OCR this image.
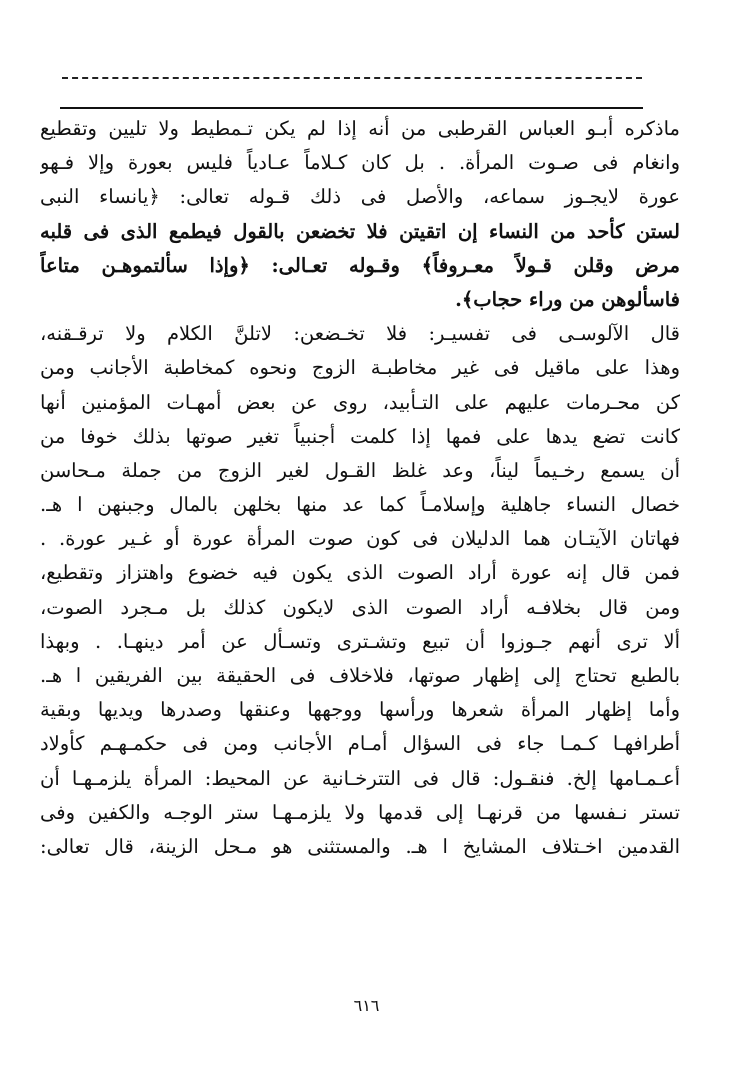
ماذكره أبـو العباس القرطبى من أنه إذا لم يكن تـمطيط ولا تليين وتقطيع
وانغام فى صـوت المرأة. . بل كان كـلاماً عـادياً فليس بعورة وإلا فـهو
عورة لايجـوز سماعه، والأصل فى ذلك قـوله تعالى: ﴿يانساء النبى
لستن كأحد من النساء إن اتقيتن فلا تخضعن بالقول فيطمع الذى فى قلبه
مرض وقلن قـولاً معـروفاً﴾ وقـوله تعـالى: ﴿وإذا سألتموهـن متاعاً
فاسألوهن من وراء حجاب﴾.
قال الآلوسـى فى تفسيـر: فلا تخـضعن: لاتلنَّ الكلام ولا ترقـقنه،
وهذا على ماقيل فى غير مخاطبـة الزوج ونحوه كمخاطبة الأجانب ومن
كن محـرمات عليهم على التـأبيد، روى عن بعض أمهـات المؤمنين أنها
كانت تضع يدها على فمها إذا كلمت أجنبياً تغير صوتها بذلك خوفا من
أن يسمع رخـيماً ليناً، وعد غلظ القـول لغير الزوج من جملة مـحاسن
خصال النساء جاهلية وإسلامـاً كما عد منها بخلهن بالمال وجبنهن ا هـ.
فهاتان الآيتـان هما الدليلان فى كون صوت المرأة عورة أو غـير عورة. .
فمن قال إنه عورة أراد الصوت الذى يكون فيه خضوع واهتزاز وتقطيع،
ومن قال بخلافـه أراد الصوت الذى لايكون كذلك بل مـجرد الصوت،
ألا ترى أنهم جـوزوا أن تبيع وتشـترى وتسـأل عن أمر دينهـا. . وبهذا
بالطبع تحتاج إلى إظهار صوتها، فلاخلاف فى الحقيقة بين الفريقين ا هـ.
وأما إظهار المرأة شعرها ورأسها ووجهها وعنقها وصدرها ويديها وبقية
أطرافهـا كـمـا جاء فى السؤال أمـام الأجانب ومن فى حكمـهـم كأولاد
أعـمـامها إلخ. فنقـول: قال فى التترخـانية عن المحيط: المرأة يلزمـهـا أن
تستر نـفسها من قرنهـا إلى قدمها ولا يلزمـهـا ستر الوجـه والكفين وفى
القدمين اخـتلاف المشايخ ا هـ. والمستثنى هو مـحل الزينة، قال تعالى:
٦١٦
